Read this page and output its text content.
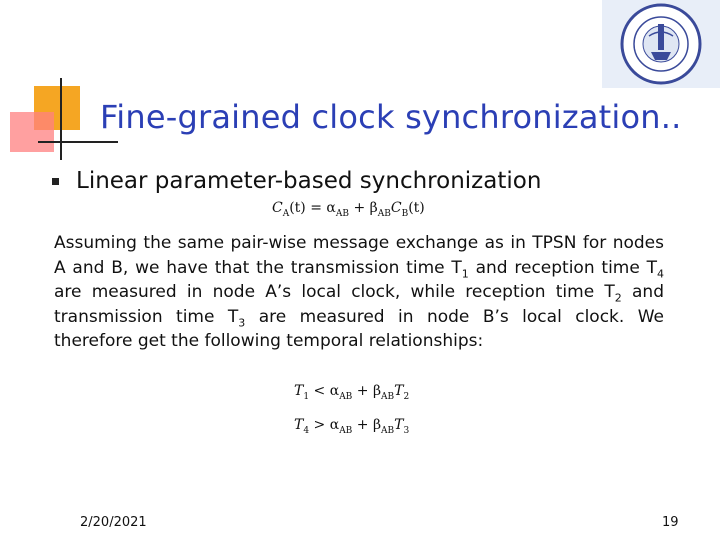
Fine-grained clock synchronization..
Linear parameter-based synchronization
$C_A(t) = \alpha_{AB} + \beta_{AB}C_B(t)$
Assuming the same pair-wise message exchange as in TPSN for nodes A and B, we have that the transmission time $T_1$ and reception time $T_4$ are measured in node A’s local clock, while reception time $T_2$ and transmission time $T_3$ are measured in node B’s local clock. We therefore get the following temporal relationships:
$T_1 < \alpha_{AB} + \beta_{AB}T_2$
$T_4 > \alpha_{AB} + \beta_{AB}T_3$
2/20/2021	19
